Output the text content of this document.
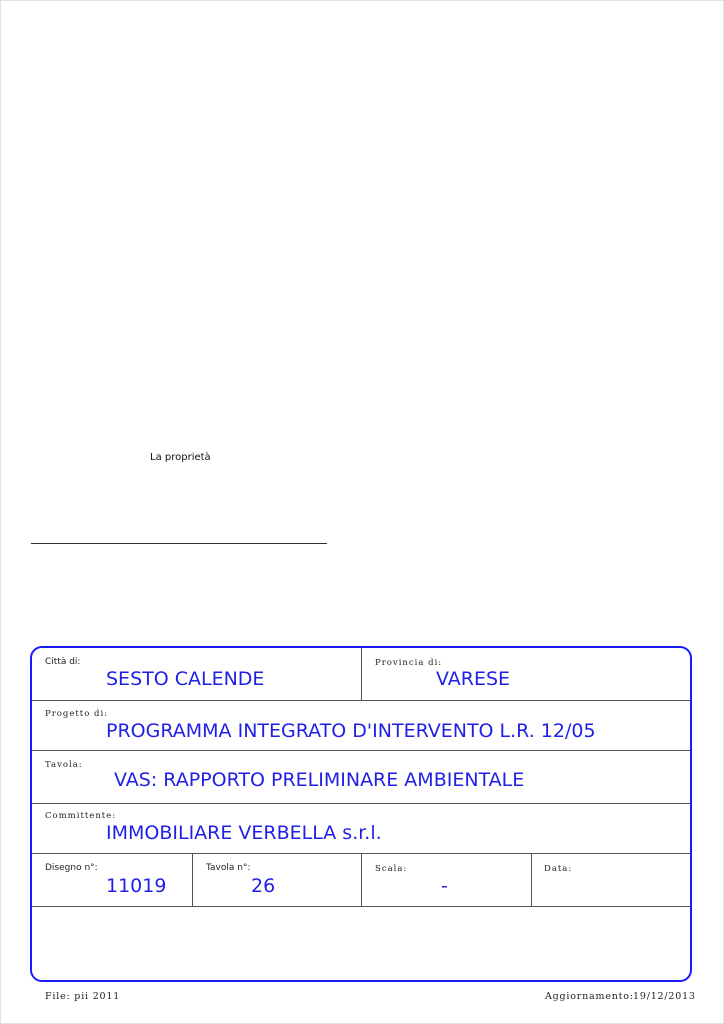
La proprietà
Città di:
SESTO CALENDE
Provincia di:
VARESE
Progetto di:
PROGRAMMA INTEGRATO D'INTERVENTO L.R. 12/05
Tavola:
VAS: RAPPORTO PRELIMINARE AMBIENTALE
Committente:
IMMOBILIARE VERBELLA s.r.l.
Disegno n°:
11019
Tavola n°:
26
Scala:
-
Data:
File: pii 2011	Aggiornamento: 19/12/2013
